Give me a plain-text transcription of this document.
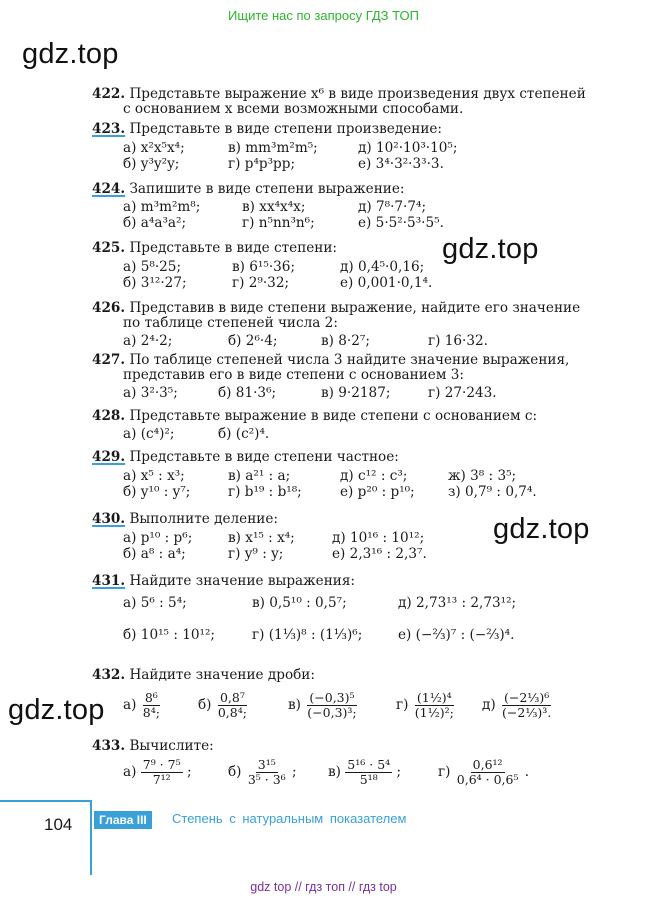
Ищите нас по запросу ГДЗ ТОП
gdz.top
gdz.top
gdz.top
gdz.top
422. Представьте выражение x⁶ в виде произведения двух степеней
с основанием x всеми возможными способами.
423. Представьте в виде степени произведение:
а) x²x⁵x⁴;	в) mm³m²m⁵;	д) 10²·10³·10⁵;
б) y³y²y;	г) p⁴p³pp;	е) 3⁴·3²·3³·3.
424. Запишите в виде степени выражение:
а) m³m²m⁸;	в) xx⁴x⁴x;	д) 7⁸·7·7⁴;
б) a⁴a³a²;	г) n⁵nn³n⁶;	е) 5·5²·5³·5⁵.
425. Представьте в виде степени:
а) 5⁸·25;	в) 6¹⁵·36;	д) 0,4⁵·0,16;
б) 3¹²·27;	г) 2⁹·32;	е) 0,001·0,1⁴.
426. Представив в виде степени выражение, найдите его значение
по таблице степеней числа 2:
а) 2⁴·2;	б) 2⁶·4;	в) 8·2⁷;	г) 16·32.
427. По таблице степеней числа 3 найдите значение выражения,
представив его в виде степени с основанием 3:
а) 3²·3⁵;	б) 81·3⁶;	в) 9·2187;	г) 27·243.
428. Представьте выражение в виде степени с основанием c:
а) (c⁴)²;	б) (c²)⁴.
429. Представьте в виде степени частное:
а) x⁵ : x³;	в) a²¹ : a;	д) c¹² : c³;	ж) 3⁸ : 3⁵;
б) y¹⁰ : y⁷;	г) b¹⁹ : b¹⁸;	е) p²⁰ : p¹⁰; з) 0,7⁹ : 0,7⁴.
430. Выполните деление:
а) p¹⁰ : p⁶;	в) x¹⁵ : x⁴;	д) 10¹⁶ : 10¹²;
б) a⁸ : a⁴;	г) y⁹ : y;	е) 2,3¹⁶ : 2,3⁷.
431. Найдите значение выражения:
а) 5⁶ : 5⁴;	в) 0,5¹⁰ : 0,5⁷;	д) 2,73¹³ : 2,73¹²;
б) 10¹⁵ : 10¹²;	г) (1⅓)⁸ : (1⅓)⁶;	е) (−⅔)⁷ : (−⅔)⁴.
432. Найдите значение дроби:
$а) \frac{\text{8⁶}}{\text{8⁴;}}$	$б) \frac{\text{0,8⁷}}{\text{0,8⁴;}}$	$в) \frac{\text{(−0,3)⁵}}{\text{(−0,3)³;}}$	$г) \frac{\text{(1½)⁴}}{\text{(1½)²;}} д) \frac{\text{(−2⅓)⁶}}{\text{(−2⅓)³.}}$
433. Вычислите:
$а) \frac{\text{7⁹ · 7⁵}}{\text{7¹²}}$ ;	$б) \frac{\text{3¹⁵}}{\text{3⁵ · 3⁶}}$ ; $в) \frac{\text{5¹⁶ · 5⁴}}{\text{5¹⁸}}$ ;	$г) \frac{\text{0,6¹²}}{\text{0,6⁴ · 0,6⁵}}$ .
104	Глава III	Степень с натуральным показателем
gdz top // гдз топ // гдз top
